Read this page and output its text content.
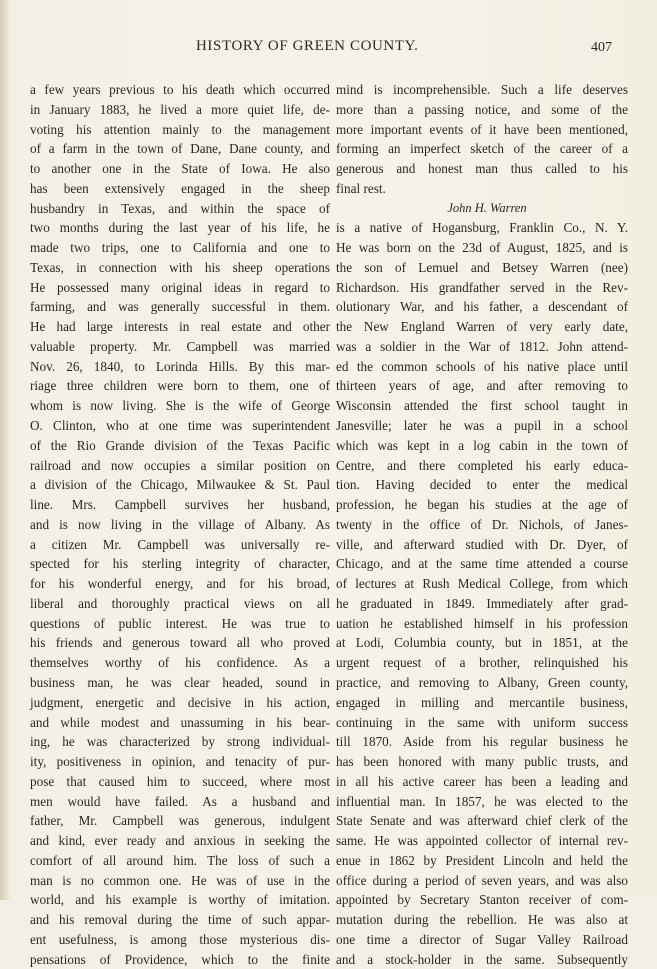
HISTORY OF GREEN COUNTY.	407
a few years previous to his death which occurred
in January 1883, he lived a more quiet life, de-
voting his attention mainly to the management
of a farm in the town of Dane, Dane county, and
to another one in the State of Iowa. He also
has been extensively engaged in the sheep
husbandry in Texas, and within the space of
two months during the last year of his life, he
made two trips, one to California and one to
Texas, in connection with his sheep operations
He possessed many original ideas in regard to
farming, and was generally successful in them.
He had large interests in real estate and other
valuable property. Mr. Campbell was married
Nov. 26, 1840, to Lorinda Hills. By this mar-
riage three children were born to them, one of
whom is now living. She is the wife of George
O. Clinton, who at one time was superintendent
of the Rio Grande division of the Texas Pacific
railroad and now occupies a similar position on
a division of the Chicago, Milwaukee & St. Paul
line. Mrs. Campbell survives her husband,
and is now living in the village of Albany. As
a citizen Mr. Campbell was universally re-
spected for his sterling integrity of character,
for his wonderful energy, and for his broad,
liberal and thoroughly practical views on all
questions of public interest. He was true to
his friends and generous toward all who proved
themselves worthy of his confidence. As a
business man, he was clear headed, sound in
judgment, energetic and decisive in his action,
and while modest and unassuming in his bear-
ing, he was characterized by strong individual-
ity, positiveness in opinion, and tenacity of pur-
pose that caused him to succeed, where most
men would have failed. As a husband and
father, Mr. Campbell was generous, indulgent
and kind, ever ready and anxious in seeking the
comfort of all around him. The loss of such a
man is no common one. He was of use in the
world, and his example is worthy of imitation.
and his removal during the time of such appar-
ent usefulness, is among those mysterious dis-
pensations of Providence, which to the finite
mind is incomprehensible. Such a life deserves
more than a passing notice, and some of the
more important events of it have been mentioned,
forming an imperfect sketch of the career of a
generous and honest man thus called to his
final rest.
John H. Warren
is a native of Hogansburg, Franklin Co., N. Y.
He was born on the 23d of August, 1825, and is
the son of Lemuel and Betsey Warren (nee)
Richardson. His grandfather served in the Rev-
olutionary War, and his father, a descendant of
the New England Warren of very early date,
was a soldier in the War of 1812. John attend-
ed the common schools of his native place until
thirteen years of age, and after removing to
Wisconsin attended the first school taught in
Janesville; later he was a pupil in a school
which was kept in a log cabin in the town of
Centre, and there completed his early educa-
tion. Having decided to enter the medical
profession, he began his studies at the age of
twenty in the office of Dr. Nichols, of Janes-
ville, and afterward studied with Dr. Dyer, of
Chicago, and at the same time attended a course
of lectures at Rush Medical College, from which
he graduated in 1849. Immediately after grad-
uation he established himself in his profession
at Lodi, Columbia county, but in 1851, at the
urgent request of a brother, relinquished his
practice, and removing to Albany, Green county,
engaged in milling and mercantile business,
continuing in the same with uniform success
till 1870. Aside from his regular business he
has been honored with many public trusts, and
in all his active career has been a leading and
influential man. In 1857, he was elected to the
State Senate and was afterward chief clerk of the
same. He was appointed collector of internal rev-
enue in 1862 by President Lincoln and held the
office during a period of seven years, and was also
appointed by Secretary Stanton receiver of com-
mutation during the rebellion. He was also at
one time a director of Sugar Valley Railroad
and a stock-holder in the same. Subsequently
